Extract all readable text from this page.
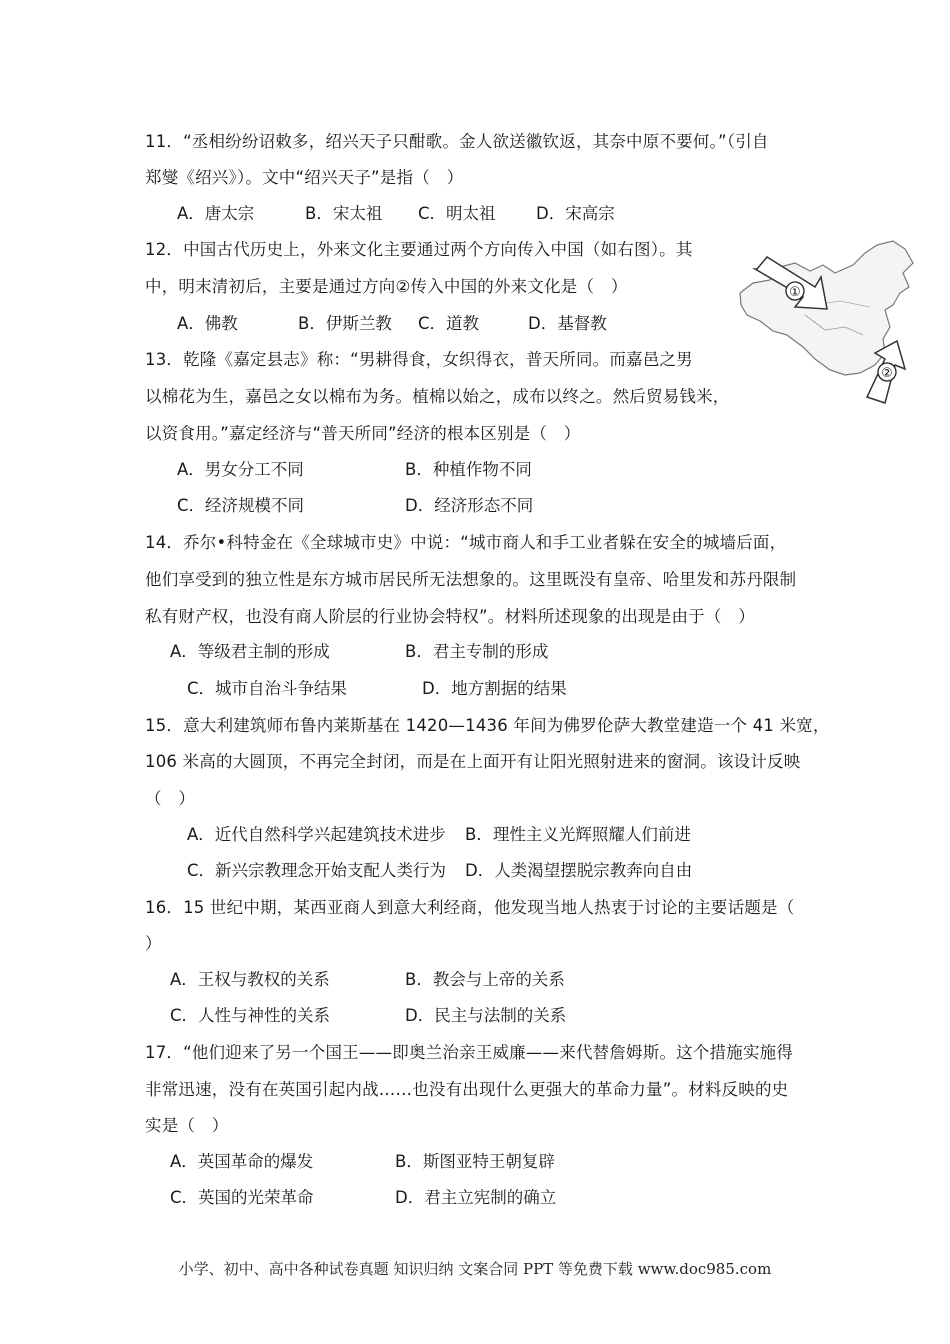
11．“丞相纷纷诏敕多，绍兴天子只酣歌。金人欲送徽钦返，其奈中原不要何。”（引自
郑燮《绍兴》）。文中“绍兴天子”是指（　）
A．唐太宗	B．宋太祖 C．明太祖 D．宋高宗
12．中国古代历史上，外来文化主要通过两个方向传入中国（如右图）。其
中，明末清初后，主要是通过方向②传入中国的外来文化是（　）
A．佛教	B．伊斯兰教 C．道教	D．基督教
①
②
13．乾隆《嘉定县志》称：“男耕得食，女织得衣，普天所同。而嘉邑之男
以棉花为生，嘉邑之女以棉布为务。植棉以始之，成布以终之。然后贸易钱米，
以资食用。”嘉定经济与“普天所同”经济的根本区别是（　）
A．男女分工不同	B．种植作物不同
C．经济规模不同	D．经济形态不同
14．乔尔•科特金在《全球城市史》中说：“城市商人和手工业者躲在安全的城墙后面，
他们享受到的独立性是东方城市居民所无法想象的。这里既没有皇帝、哈里发和苏丹限制
私有财产权，也没有商人阶层的行业协会特权”。材料所述现象的出现是由于（　）
A．等级君主制的形成	B．君主专制的形成
C．城市自治斗争结果	D．地方割据的结果
15．意大利建筑师布鲁内莱斯基在 1420—1436 年间为佛罗伦萨大教堂建造一个 41 米宽，
106 米高的大圆顶，不再完全封闭，而是在上面开有让阳光照射进来的窗洞。该设计反映
（　）
A．近代自然科学兴起建筑技术进步 B．理性主义光辉照耀人们前进
C．新兴宗教理念开始支配人类行为 D．人类渴望摆脱宗教奔向自由
16．15 世纪中期，某西亚商人到意大利经商，他发现当地人热衷于讨论的主要话题是（
）
A．王权与教权的关系	B．教会与上帝的关系
C．人性与神性的关系	D．民主与法制的关系
17．“他们迎来了另一个国王——即奥兰治亲王威廉——来代替詹姆斯。这个措施实施得
非常迅速，没有在英国引起内战……也没有出现什么更强大的革命力量”。材料反映的史
实是（　）
A．英国革命的爆发	B．斯图亚特王朝复辟
C．英国的光荣革命	D．君主立宪制的确立
小学、初中、高中各种试卷真题 知识归纳 文案合同 PPT 等免费下载 www.doc985.com
